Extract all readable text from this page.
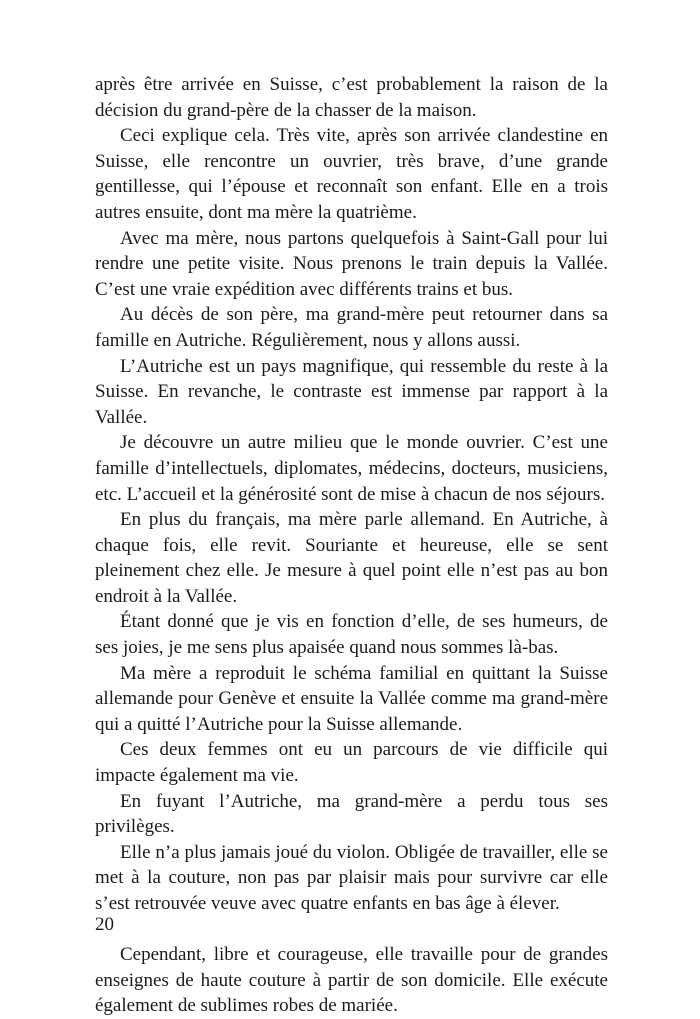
après être arrivée en Suisse, c’est probablement la raison de la décision du grand-père de la chasser de la maison.

Ceci explique cela. Très vite, après son arrivée clandestine en Suisse, elle rencontre un ouvrier, très brave, d’une grande gentillesse, qui l’épouse et reconnaît son enfant. Elle en a trois autres ensuite, dont ma mère la quatrième.

Avec ma mère, nous partons quelquefois à Saint-Gall pour lui rendre une petite visite. Nous prenons le train depuis la Vallée. C’est une vraie expédition avec différents trains et bus.

Au décès de son père, ma grand-mère peut retourner dans sa famille en Autriche. Régulièrement, nous y allons aussi.

L’Autriche est un pays magnifique, qui ressemble du reste à la Suisse. En revanche, le contraste est immense par rapport à la Vallée.

Je découvre un autre milieu que le monde ouvrier. C’est une famille d’intellectuels, diplomates, médecins, docteurs, musiciens, etc. L’accueil et la générosité sont de mise à chacun de nos séjours.

En plus du français, ma mère parle allemand. En Autriche, à chaque fois, elle revit. Souriante et heureuse, elle se sent pleinement chez elle. Je mesure à quel point elle n’est pas au bon endroit à la Vallée.

Étant donné que je vis en fonction d’elle, de ses humeurs, de ses joies, je me sens plus apaisée quand nous sommes là-bas.

Ma mère a reproduit le schéma familial en quittant la Suisse allemande pour Genève et ensuite la Vallée comme ma grand-mère qui a quitté l’Autriche pour la Suisse allemande.

Ces deux femmes ont eu un parcours de vie difficile qui impacte également ma vie.

En fuyant l’Autriche, ma grand-mère a perdu tous ses privilèges.

Elle n’a plus jamais joué du violon. Obligée de travailler, elle se met à la couture, non pas par plaisir mais pour survivre car elle s’est retrouvée veuve avec quatre enfants en bas âge à élever.

Cependant, libre et courageuse, elle travaille pour de grandes enseignes de haute couture à partir de son domicile. Elle exécute également de sublimes robes de mariée.

20
